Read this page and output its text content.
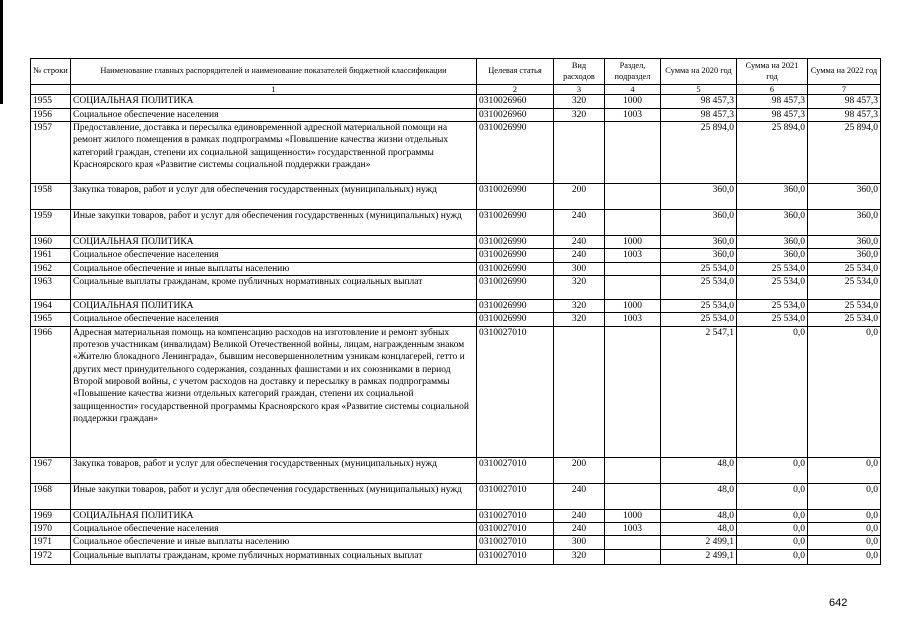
№ строки	Наименование главных распорядителей и наименование показателей бюджетной классификации	Целевая статья	Вид расходов	Раздел, подраздел	Сумма на 2020 год	Сумма на 2021 год	Сумма на 2022 год
	1	2	3	4	5	6	7
1955	СОЦИАЛЬНАЯ ПОЛИТИКА	0310026960	320	1000	98 457,3	98 457,3	98 457,3
1956	Социальное обеспечение населения	0310026960	320	1003	98 457,3	98 457,3	98 457,3
1957	Предоставление, доставка и пересылка единовременной адресной материальной помощи на ремонт жилого помещения в рамках подпрограммы «Повышение качества жизни отдельных категорий граждан, степени их социальной защищенности» государственной программы Красноярского края «Развитие системы социальной поддержки граждан»	0310026990			25 894,0	25 894,0	25 894,0
1958	Закупка товаров, работ и услуг для обеспечения государственных (муниципальных) нужд	0310026990	200		360,0	360,0	360,0
1959	Иные закупки товаров, работ и услуг для обеспечения государственных (муниципальных) нужд	0310026990	240		360,0	360,0	360,0
1960	СОЦИАЛЬНАЯ ПОЛИТИКА	0310026990	240	1000	360,0	360,0	360,0
1961	Социальное обеспечение населения	0310026990	240	1003	360,0	360,0	360,0
1962	Социальное обеспечение и иные выплаты населению	0310026990	300		25 534,0	25 534,0	25 534,0
1963	Социальные выплаты гражданам, кроме публичных нормативных социальных выплат	0310026990	320		25 534,0	25 534,0	25 534,0
1964	СОЦИАЛЬНАЯ ПОЛИТИКА	0310026990	320	1000	25 534,0	25 534,0	25 534,0
1965	Социальное обеспечение населения	0310026990	320	1003	25 534,0	25 534,0	25 534,0
1966	Адресная материальная помощь на компенсацию расходов на изготовление и ремонт зубных протезов участникам (инвалидам) Великой Отечественной войны, лицам, награжденным знаком «Жителю блокадного Ленинграда», бывшим несовершеннолетним узникам концлагерей, гетто и других мест принудительного содержания, созданных фашистами и их союзниками в период Второй мировой войны, с учетом расходов на доставку и пересылку в рамках подпрограммы «Повышение качества жизни отдельных категорий граждан, степени их социальной защищенности» государственной программы Красноярского края «Развитие системы социальной поддержки граждан»	0310027010			2 547,1	0,0	0,0
1967	Закупка товаров, работ и услуг для обеспечения государственных (муниципальных) нужд	0310027010	200		48,0	0,0	0,0
1968	Иные закупки товаров, работ и услуг для обеспечения государственных (муниципальных) нужд	0310027010	240		48,0	0,0	0,0
1969	СОЦИАЛЬНАЯ ПОЛИТИКА	0310027010	240	1000	48,0	0,0	0,0
1970	Социальное обеспечение населения	0310027010	240	1003	48,0	0,0	0,0
1971	Социальное обеспечение и иные выплаты населению	0310027010	300		2 499,1	0,0	0,0
1972	Социальные выплаты гражданам, кроме публичных нормативных социальных выплат	0310027010	320		2 499,1	0,0	0,0
642
